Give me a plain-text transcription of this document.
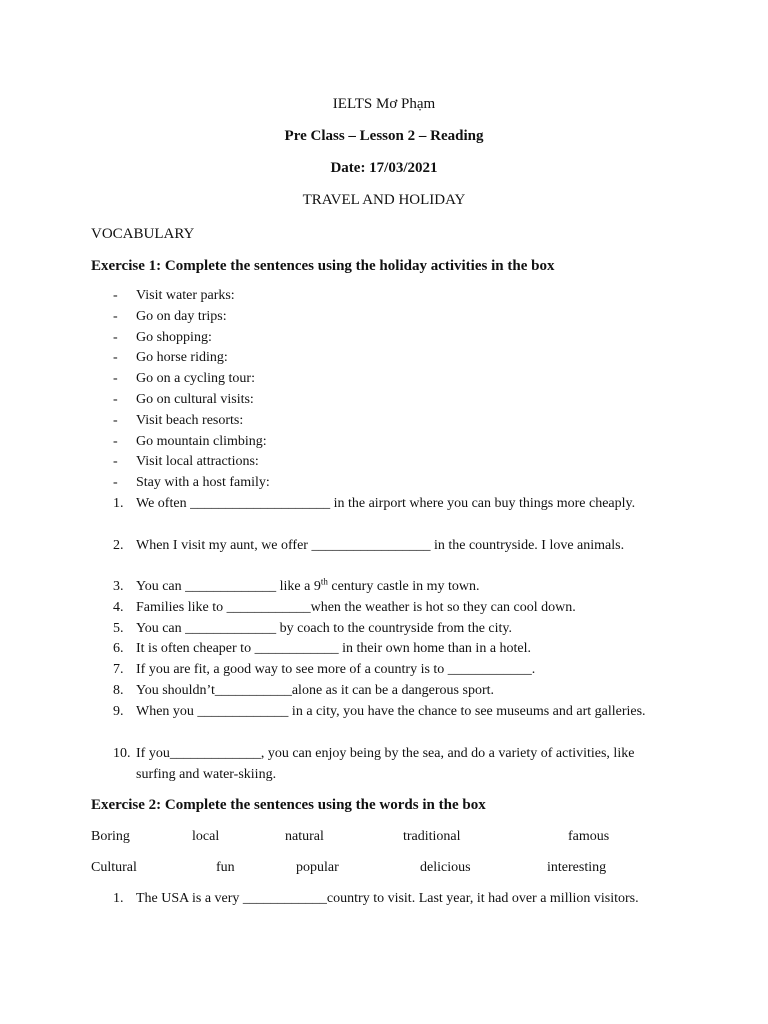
IELTS Mơ Phạm
Pre Class – Lesson 2 – Reading
Date: 17/03/2021
TRAVEL AND HOLIDAY
VOCABULARY
Exercise 1: Complete the sentences using the holiday activities in the box
- Visit water parks:
- Go on day trips:
- Go shopping:
- Go horse riding:
- Go on a cycling tour:
- Go on cultural visits:
- Visit beach resorts:
- Go mountain climbing:
- Visit local attractions:
- Stay with a host family:
1. We often ____________________ in the airport where you can buy things more cheaply.
2. When I visit my aunt, we offer _________________ in the countryside. I love animals.
3. You can _____________ like a 9th century castle in my town.
4. Families like to ____________when the weather is hot so they can cool down.
5. You can _____________ by coach to the countryside from the city.
6. It is often cheaper to ____________ in their own home than in a hotel.
7. If you are fit, a good way to see more of a country is to ____________.
8. You shouldn’t___________alone as it can be a dangerous sport.
9. When you _____________ in a city, you have the chance to see museums and art galleries.
10. If you_____________, you can enjoy being by the sea, and do a variety of activities, like surfing and water-skiing.
Exercise 2: Complete the sentences using the words in the box
Boring	local	natural	traditional	famous
Cultural	fun	popular	delicious	interesting
1. The USA is a very ____________country to visit. Last year, it had over a million visitors.
